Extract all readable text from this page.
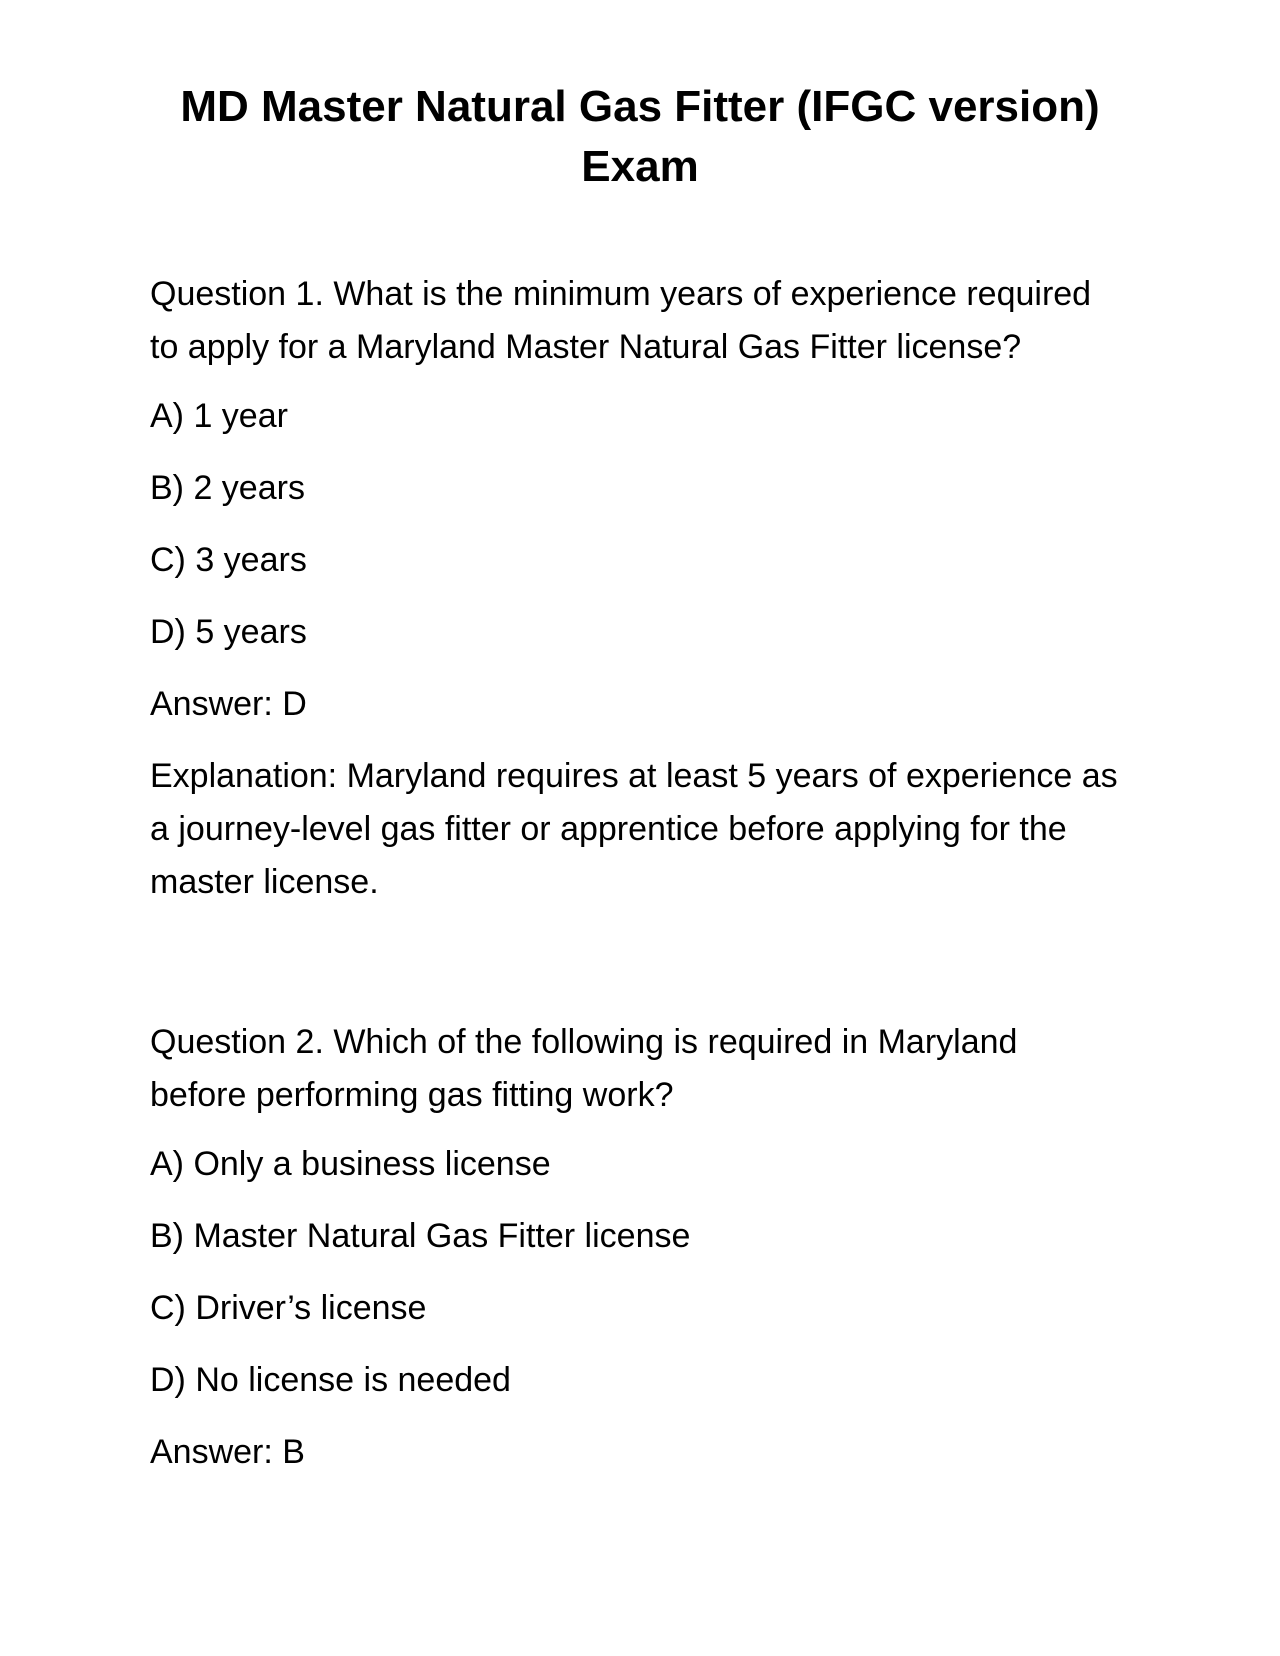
MD Master Natural Gas Fitter (IFGC version)
Exam

Question 1. What is the minimum years of experience required

to apply for a Maryland Master Natural Gas Fitter license?

A) 1 year

B) 2 years

C) 3 years

D) 5 years

Answer: D

Explanation: Maryland requires at least 5 years of experience as

a journey-level gas fitter or apprentice before applying for the

master license.

Question 2. Which of the following is required in Maryland

before performing gas fitting work?

A) Only a business license

B) Master Natural Gas Fitter license

C) Driver’s license

D) No license is needed

Answer: B
